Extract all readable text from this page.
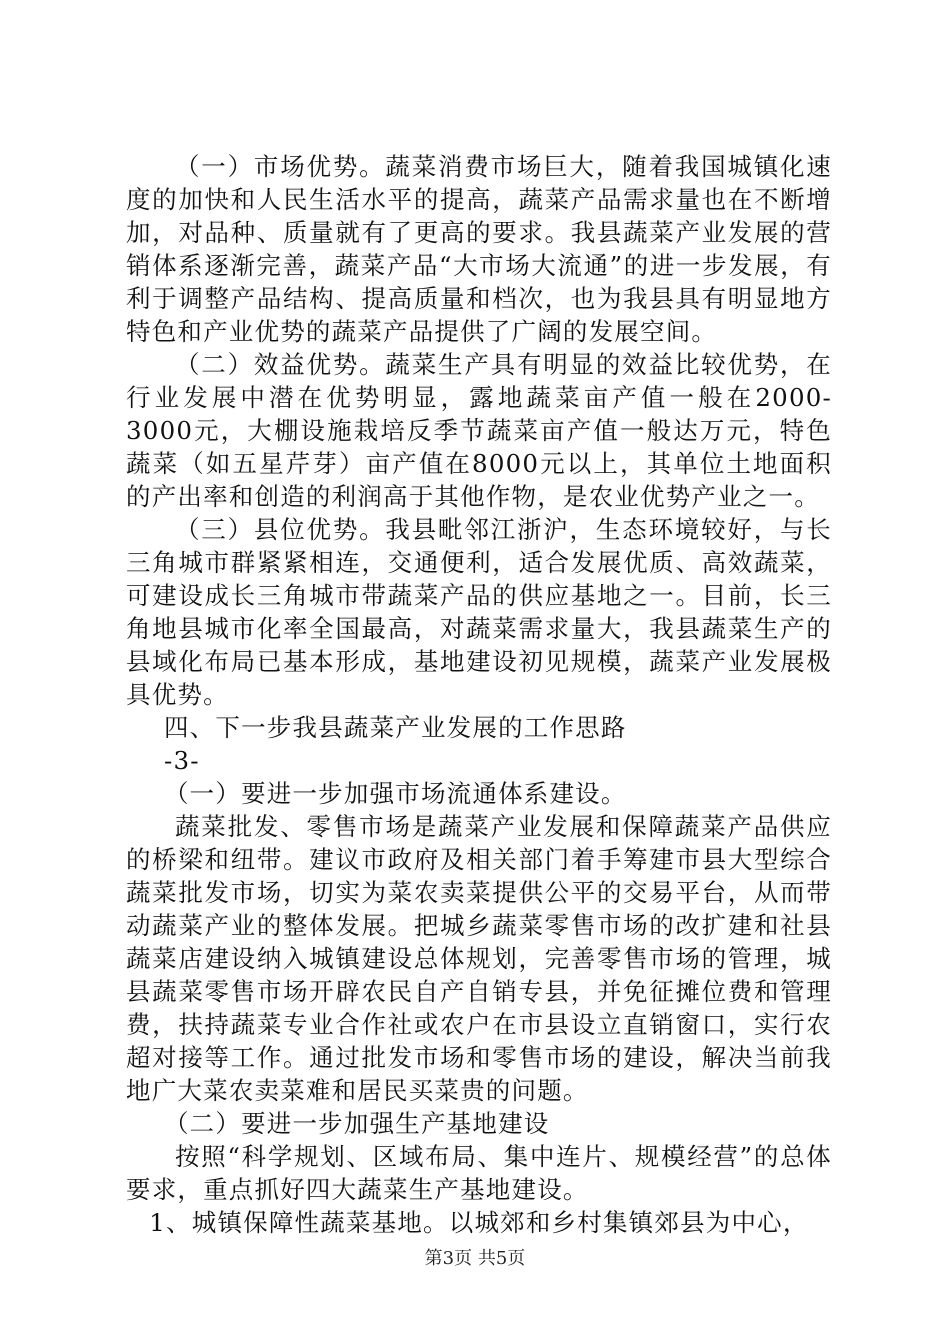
（一）市场优势。蔬菜消费市场巨大，随着我国城镇化速度的加快和人民生活水平的提高，蔬菜产品需求量也在不断增加，对品种、质量就有了更高的要求。我县蔬菜产业发展的营销体系逐渐完善，蔬菜产品“大市场大流通”的进一步发展，有利于调整产品结构、提高质量和档次，也为我县具有明显地方特色和产业优势的蔬菜产品提供了广阔的发展空间。

（二）效益优势。蔬菜生产具有明显的效益比较优势，在行业发展中潜在优势明显，露地蔬菜亩产值一般在2000-3000元，大棚设施栽培反季节蔬菜亩产值一般达万元，特色蔬菜（如五星芹芽）亩产值在8000元以上，其单位土地面积的产出率和创造的利润高于其他作物，是农业优势产业之一。

（三）县位优势。我县毗邻江浙沪，生态环境较好，与长三角城市群紧紧相连，交通便利，适合发展优质、高效蔬菜，可建设成长三角城市带蔬菜产品的供应基地之一。目前，长三角地县城市化率全国最高，对蔬菜需求量大，我县蔬菜生产的县域化布局已基本形成，基地建设初见规模，蔬菜产业发展极具优势。

四、下一步我县蔬菜产业发展的工作思路

-3-

（一）要进一步加强市场流通体系建设。

蔬菜批发、零售市场是蔬菜产业发展和保障蔬菜产品供应的桥梁和纽带。建议市政府及相关部门着手筹建市县大型综合蔬菜批发市场，切实为菜农卖菜提供公平的交易平台，从而带动蔬菜产业的整体发展。把城乡蔬菜零售市场的改扩建和社县蔬菜店建设纳入城镇建设总体规划，完善零售市场的管理，城县蔬菜零售市场开辟农民自产自销专县，并免征摊位费和管理费，扶持蔬菜专业合作社或农户在市县设立直销窗口，实行农超对接等工作。通过批发市场和零售市场的建设，解决当前我地广大菜农卖菜难和居民买菜贵的问题。

（二）要进一步加强生产基地建设

按照“科学规划、区域布局、集中连片、规模经营”的总体要求，重点抓好四大蔬菜生产基地建设。

1、城镇保障性蔬菜基地。以城郊和乡村集镇郊县为中心，

第3页 共5页
